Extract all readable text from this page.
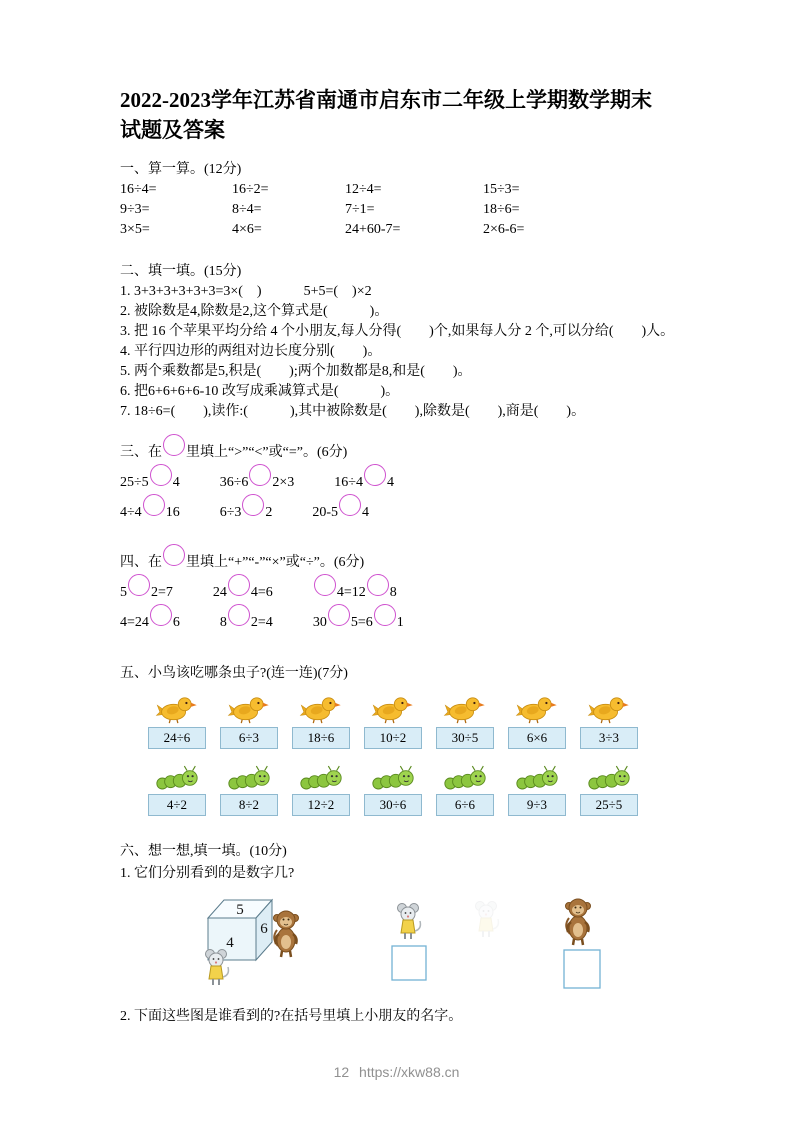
2022-2023学年江苏省南通市启东市二年级上学期数学期末
试题及答案
一、算一算。(12分)
16÷4=	16÷2=	12÷4=	15÷3=
9÷3=	8÷4=	7÷1=	18÷6=
3×5=	4×6=	24+60-7=	2×6-6=
二、填一填。(15分)
1. 3+3+3+3+3+3=3×(　)　　　5+5=(　)×2
2. 被除数是4,除数是2,这个算式是(　　　)。
3. 把 16 个苹果平均分给 4 个小朋友,每人分得(　　)个,如果每人分 2 个,可以分给(　　)人。
4. 平行四边形的两组对边长度分别(　　)。
5. 两个乘数都是5,积是(　　);两个加数都是8,和是(　　)。
6. 把6+6+6+6-10 改写成乘减算式是(　　　)。
7. 18÷6=(　　),读作:(　　　),其中被除数是(　　),除数是(　　),商是(　　)。
三、在 里填上“>”“<”或“=”。(6分)
25÷5 4	36÷6 2×3	16÷4 4
4÷4 16	6÷3 2	20-5 4
四、在 里填上“+”“-”“×”或“÷”。(6分)
5 2=7	24 4=6	4=12 8
4=24 6	8 2=4	30 5=6 1
五、小鸟该吃哪条虫子?(连一连)(7分)
24÷6	6÷3	18÷6	10÷2	30÷5	6×6	3÷3
4÷2	8÷2	12÷2	30÷6	6÷6	9÷3	25÷5
六、想一想,填一填。(10分)
1. 它们分别看到的是数字几?
5
4
6
2. 下面这些图是谁看到的?在括号里填上小朋友的名字。
12 https://xkw88.cn
